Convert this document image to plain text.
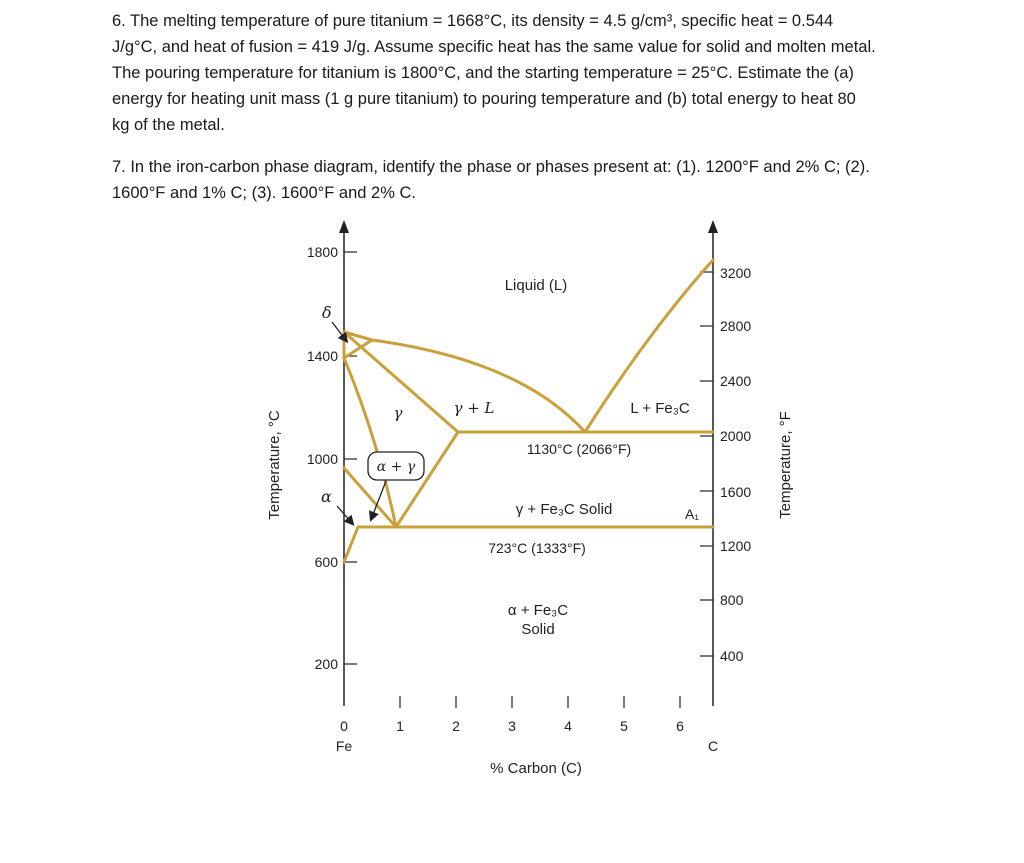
6. The melting temperature of pure titanium = 1668°C, its density = 4.5 g/cm³, specific heat = 0.544
J/g°C, and heat of fusion = 419 J/g. Assume specific heat has the same value for solid and molten metal.
The pouring temperature for titanium is 1800°C, and the starting temperature = 25°C. Estimate the (a)
energy for heating unit mass (1 g pure titanium) to pouring temperature and (b) total energy to heat 80
kg of the metal.
7. In the iron-carbon phase diagram, identify the phase or phases present at: (1). 1200°F and 2% C; (2).
1600°F and 1% C; (3). 1600°F and 2% C.
1800
1400
1000
600
200
3200
2800
2400
2000
1600
1200
800
400
0	1	2	3	4	5	6
Fe	C
% Carbon (C)
Temperature, °C	Temperature, °F
Liquid (L)
γ	γ + L	L + Fe₃C
γ + Fe₃C Solid
α + Fe₃C
Solid
A₁
1130°C (2066°F)
723°C (1333°F)
δ
α
α + γ
